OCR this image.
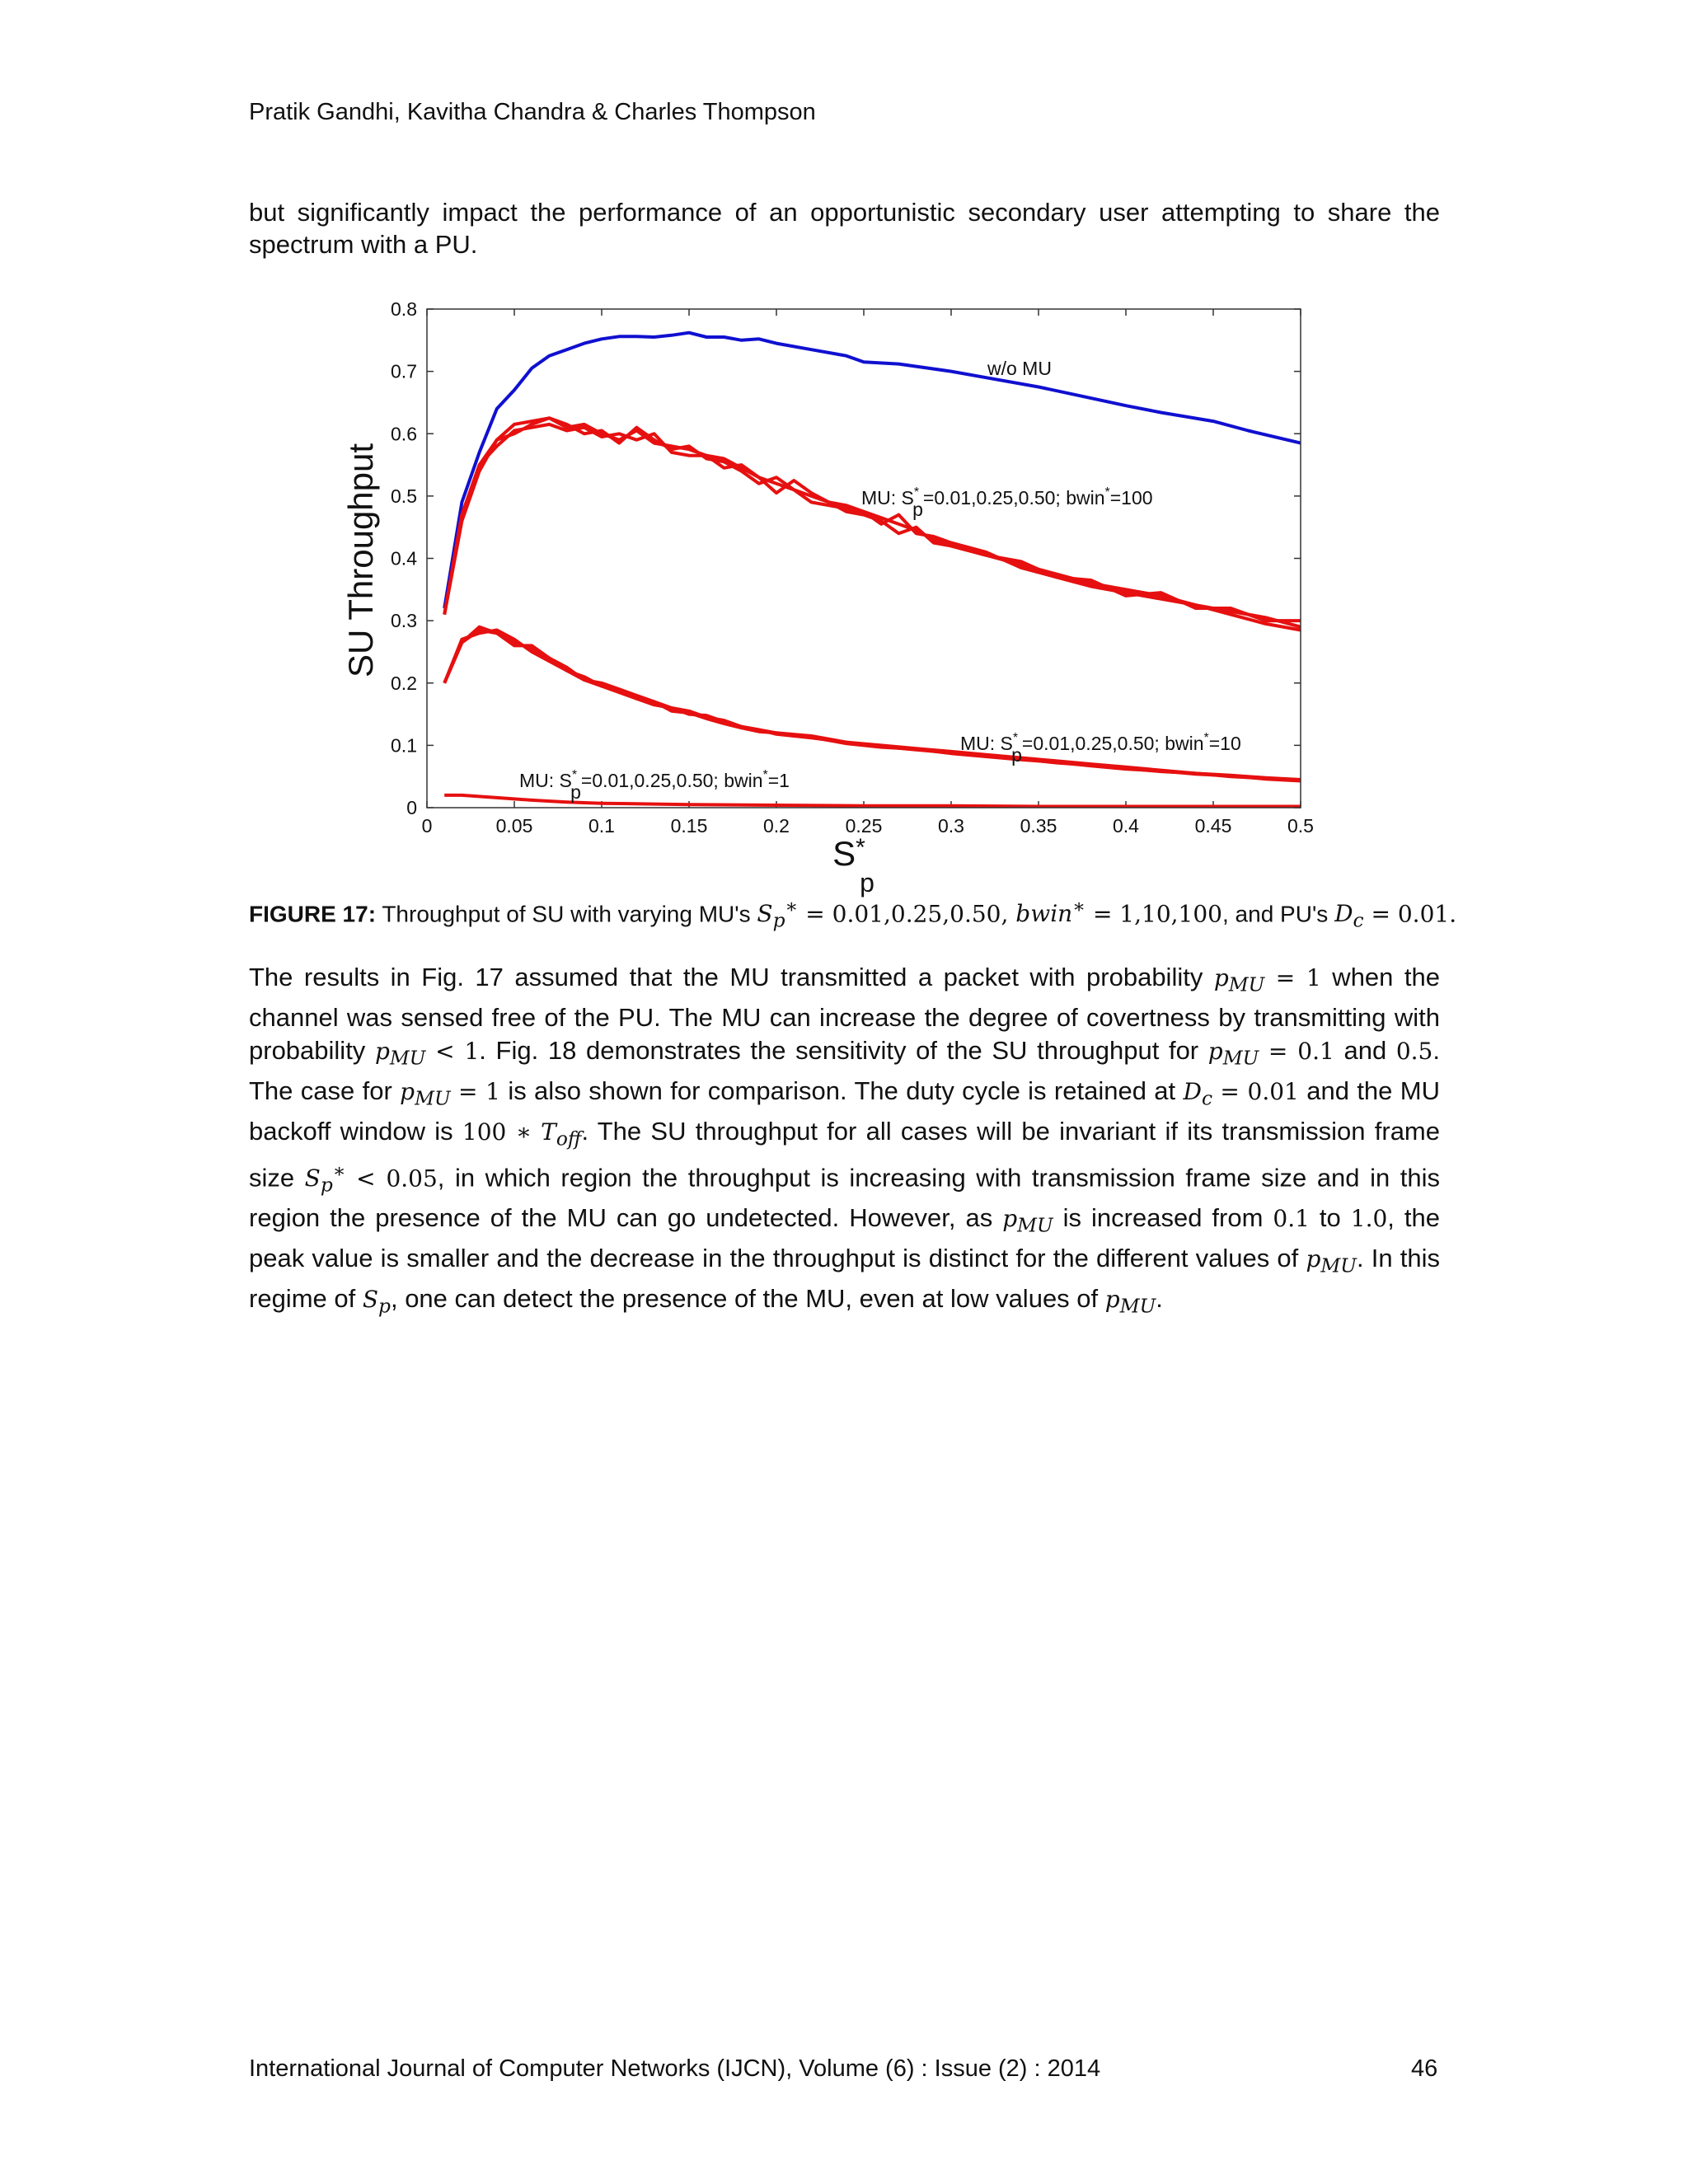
Pratik Gandhi, Kavitha Chandra & Charles Thompson
but significantly impact the performance of an opportunistic secondary user attempting to share the spectrum with a PU.
0	0.05	0.1	0.15	0.2	0.25	0.3	0.35	0.4	0.45	0.5
0
0.1
0.2
0.3
0.4
0.5
0.6
0.7
0.8
SU Throughput
S*
p
w/o MU
MU: S* p=0.01,0.25,0.50; bwin*=100
MU: S* p=0.01,0.25,0.50; bwin*=10
MU: S* p=0.01,0.25,0.50; bwin*=1
FIGURE 17: Throughput of SU with varying MU's $S_p^∗ = 0.01,0.25,0.50$, bwin∗ = 1,10,100, and PU's $D_c = 0.01$.
The results in Fig. 17 assumed that the MU transmitted a packet with probability $p_{MU} = 1$ when the channel was sensed free of the PU. The MU can increase the degree of covertness by transmitting with probability $p_{MU} < 1$. Fig. 18 demonstrates the sensitivity of the SU throughput for $p_{MU} = 0.1$ and 0.5. The case for $p_{MU} = 1$ is also shown for comparison. The duty cycle is retained at $D_c = 0.01$ and the MU backoff window is 100 ∗ $T_{off}$. The SU throughput for all cases will be invariant if its transmission frame size $S_p^∗ < 0.05$, in which region the throughput is increasing with transmission frame size and in this region the presence of the MU can go undetected. However, as $p_{MU}$ is increased from 0.1 to 1.0, the peak value is smaller and the decrease in the throughput is distinct for the different values of $p_{MU}$. In this regime of $S_p$, one can detect the presence of the MU, even at low values of $p_{MU}$.
International Journal of Computer Networks (IJCN), Volume (6) : Issue (2) : 2014	46
